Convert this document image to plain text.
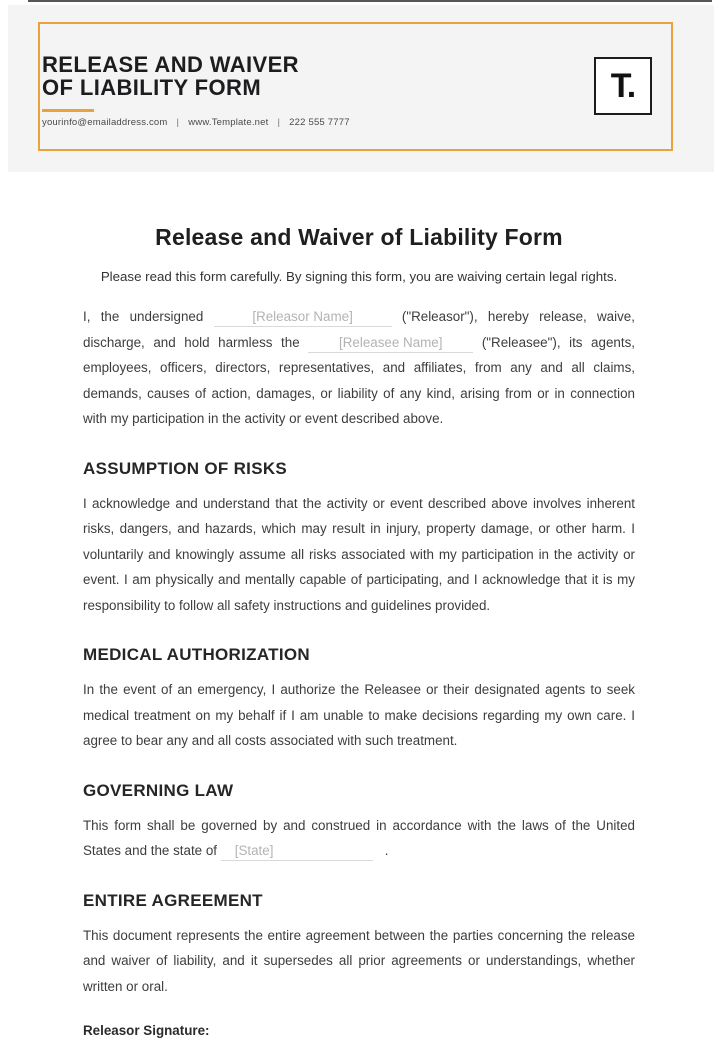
RELEASE AND WAIVER
OF LIABILITY FORM
yourinfo@emailaddress.com | www.Template.net | 222 555 7777
T.
Release and Waiver of Liability Form

Please read this form carefully. By signing this form, you are waiving certain legal rights.

I, the undersigned	[Releasor Name]	("Releasor"), hereby release, waive, discharge, and hold harmless the	[Releasee Name]	("Releasee"), its agents, employees, officers, directors, representatives, and affiliates, from any and all claims, demands, causes of action, damages, or liability of any kind, arising from or in connection with my participation in the activity or event described above.

ASSUMPTION OF RISKS

I acknowledge and understand that the activity or event described above involves inherent risks, dangers, and hazards, which may result in injury, property damage, or other harm. I voluntarily and knowingly assume all risks associated with my participation in the activity or event. I am physically and mentally capable of participating, and I acknowledge that it is my responsibility to follow all safety instructions and guidelines provided.

MEDICAL AUTHORIZATION

In the event of an emergency, I authorize the Releasee or their designated agents to seek medical treatment on my behalf if I am unable to make decisions regarding my own care. I agree to bear any and all costs associated with such treatment.

GOVERNING LAW

This form shall be governed by and construed in accordance with the laws of the United States and the state of [State]	.

ENTIRE AGREEMENT

This document represents the entire agreement between the parties concerning the release and waiver of liability, and it supersedes all prior agreements or understandings, whether written or oral.

Releasor Signature:
